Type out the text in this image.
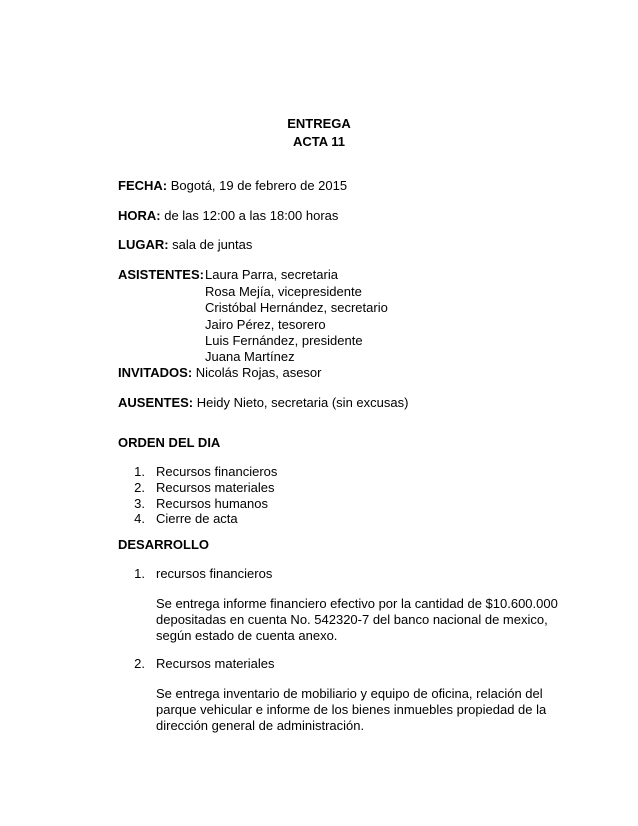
ENTREGA
ACTA 11
FECHA: Bogotá, 19 de febrero de 2015
HORA: de las 12:00 a las 18:00 horas
LUGAR: sala de juntas
ASISTENTES: Laura Parra, secretaria
Rosa Mejía, vicepresidente
Cristóbal Hernández, secretario
Jairo Pérez, tesorero
Luis Fernández, presidente
Juana Martínez
INVITADOS: Nicolás Rojas, asesor
AUSENTES: Heidy Nieto, secretaria (sin excusas)
ORDEN DEL DIA
1. Recursos financieros
2. Recursos materiales
3. Recursos humanos
4. Cierre de acta
DESARROLLO
1. recursos financieros
Se entrega informe financiero efectivo por la cantidad de $10.600.000
depositadas en cuenta No. 542320-7 del banco nacional de mexico,
según estado de cuenta anexo.
2. Recursos materiales
Se entrega inventario de mobiliario y equipo de oficina, relación del
parque vehicular e informe de los bienes inmuebles propiedad de la
dirección general de administración.
